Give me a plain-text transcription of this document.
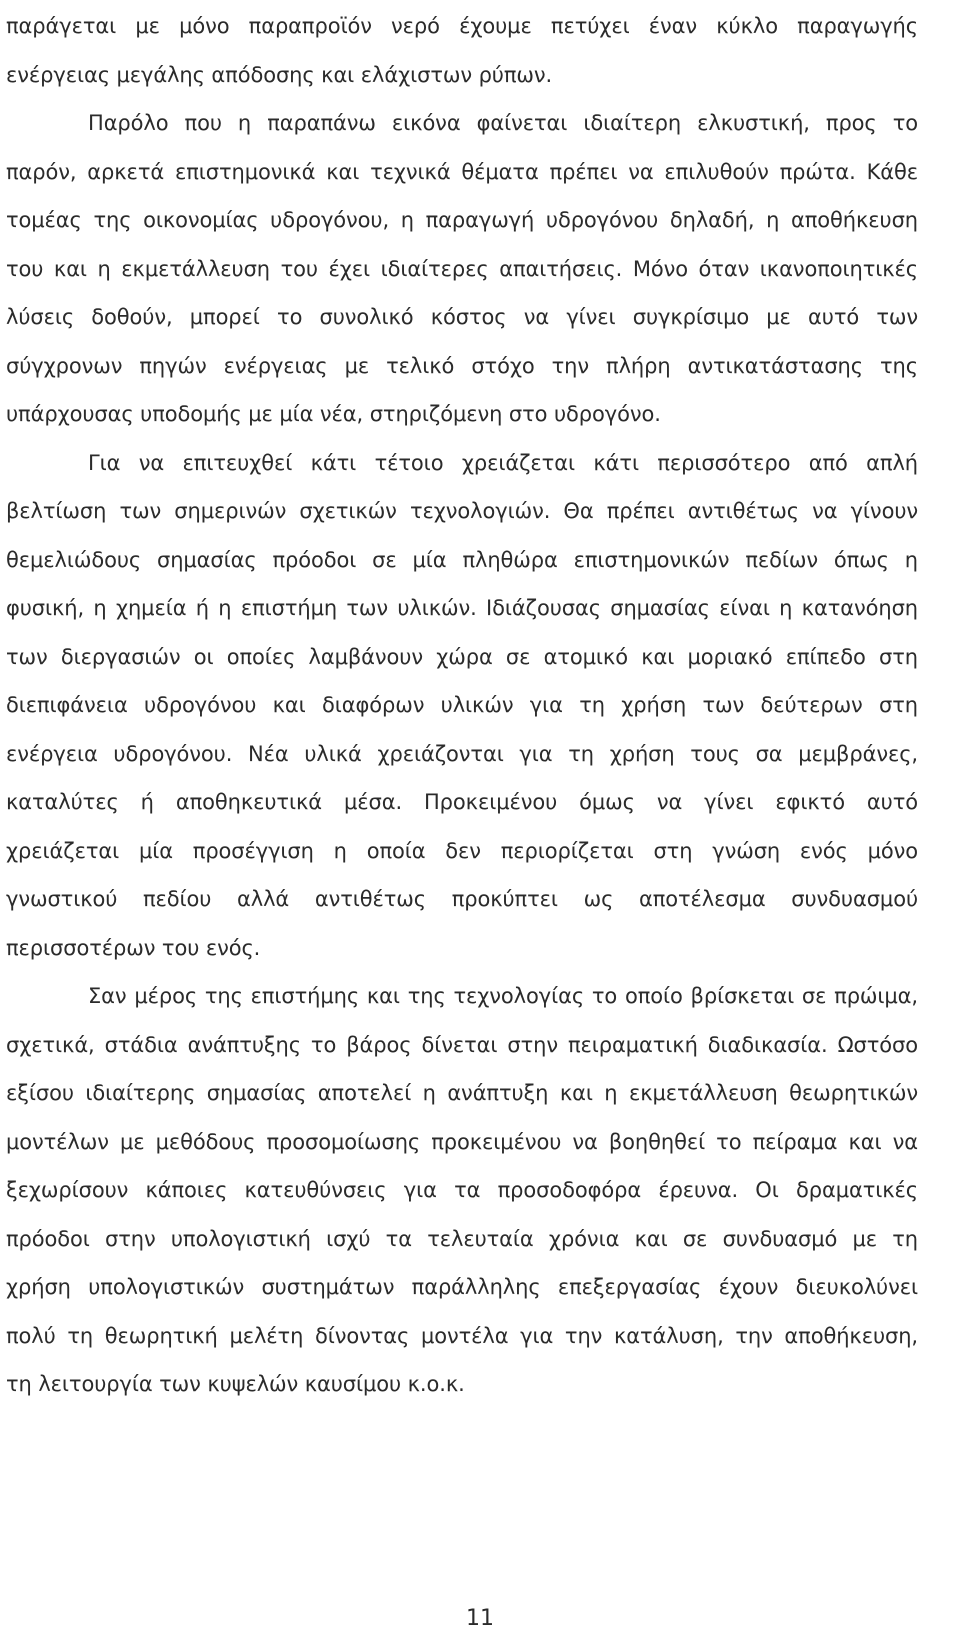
παράγεται με μόνο παραπροϊόν νερό έχουμε πετύχει έναν κύκλο παραγωγής
ενέργειας μεγάλης απόδοσης και ελάχιστων ρύπων.
Παρόλο που η παραπάνω εικόνα φαίνεται ιδιαίτερη ελκυστική, προς το
παρόν, αρκετά επιστημονικά και τεχνικά θέματα πρέπει να επιλυθούν πρώτα. Κάθε
τομέας της οικονομίας υδρογόνου, η παραγωγή υδρογόνου δηλαδή, η αποθήκευση
του και η εκμετάλλευση του έχει ιδιαίτερες απαιτήσεις. Μόνο όταν ικανοποιητικές
λύσεις δοθούν, μπορεί το συνολικό κόστος να γίνει συγκρίσιμο με αυτό των
σύγχρονων πηγών ενέργειας με τελικό στόχο την πλήρη αντικατάστασης της
υπάρχουσας υποδομής με μία νέα, στηριζόμενη στο υδρογόνο.
Για να επιτευχθεί κάτι τέτοιο χρειάζεται κάτι περισσότερο από απλή
βελτίωση των σημερινών σχετικών τεχνολογιών. Θα πρέπει αντιθέτως να γίνουν
θεμελιώδους σημασίας πρόοδοι σε μία πληθώρα επιστημονικών πεδίων όπως η
φυσική, η χημεία ή η επιστήμη των υλικών. Ιδιάζουσας σημασίας είναι η κατανόηση
των διεργασιών οι οποίες λαμβάνουν χώρα σε ατομικό και μοριακό επίπεδο στη
διεπιφάνεια υδρογόνου και διαφόρων υλικών για τη χρήση των δεύτερων στη
ενέργεια υδρογόνου. Νέα υλικά χρειάζονται για τη χρήση τους σα μεμβράνες,
καταλύτες ή αποθηκευτικά μέσα. Προκειμένου όμως να γίνει εφικτό αυτό
χρειάζεται μία προσέγγιση η οποία δεν περιορίζεται στη γνώση ενός μόνο
γνωστικού πεδίου αλλά αντιθέτως προκύπτει ως αποτέλεσμα συνδυασμού
περισσοτέρων του ενός.
Σαν μέρος της επιστήμης και της τεχνολογίας το οποίο βρίσκεται σε πρώιμα,
σχετικά, στάδια ανάπτυξης το βάρος δίνεται στην πειραματική διαδικασία. Ωστόσο
εξίσου ιδιαίτερης σημασίας αποτελεί η ανάπτυξη και η εκμετάλλευση θεωρητικών
μοντέλων με μεθόδους προσομοίωσης προκειμένου να βοηθηθεί το πείραμα και να
ξεχωρίσουν κάποιες κατευθύνσεις για τα προσοδοφόρα έρευνα. Οι δραματικές
πρόοδοι στην υπολογιστική ισχύ τα τελευταία χρόνια και σε συνδυασμό με τη
χρήση υπολογιστικών συστημάτων παράλληλης επεξεργασίας έχουν διευκολύνει
πολύ τη θεωρητική μελέτη δίνοντας μοντέλα για την κατάλυση, την αποθήκευση,
τη λειτουργία των κυψελών καυσίμου κ.ο.κ.
11
